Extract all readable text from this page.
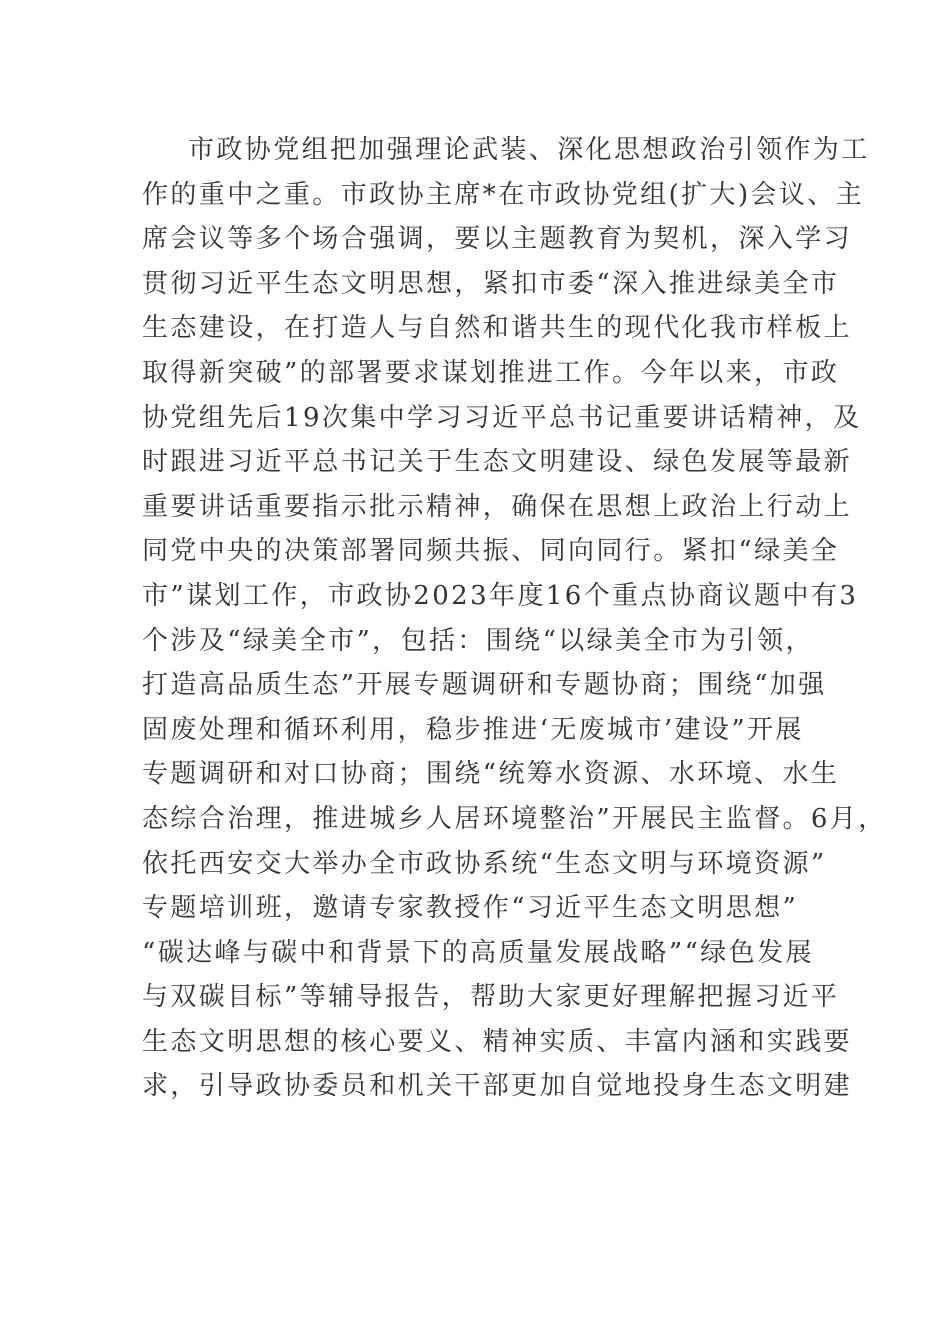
市政协党组把加强理论武装、深化思想政治引领作为工
作的重中之重。市政协主席*在市政协党组(扩大)会议、主
席会议等多个场合强调，要以主题教育为契机，深入学习
贯彻习近平生态文明思想，紧扣市委“深入推进绿美全市
生态建设，在打造人与自然和谐共生的现代化我市样板上
取得新突破”的部署要求谋划推进工作。今年以来，市政
协党组先后19次集中学习习近平总书记重要讲话精神，及
时跟进习近平总书记关于生态文明建设、绿色发展等最新
重要讲话重要指示批示精神，确保在思想上政治上行动上
同党中央的决策部署同频共振、同向同行。紧扣“绿美全
市”谋划工作，市政协2023年度16个重点协商议题中有3
个涉及“绿美全市”，包括：围绕“以绿美全市为引领，
打造高品质生态”开展专题调研和专题协商；围绕“加强
固废处理和循环利用，稳步推进‘无废城市’建设”开展
专题调研和对口协商；围绕“统筹水资源、水环境、水生
态综合治理，推进城乡人居环境整治”开展民主监督。6月，
依托西安交大举办全市政协系统“生态文明与环境资源”
专题培训班，邀请专家教授作“习近平生态文明思想”
“碳达峰与碳中和背景下的高质量发展战略”“绿色发展
与双碳目标”等辅导报告，帮助大家更好理解把握习近平
生态文明思想的核心要义、精神实质、丰富内涵和实践要
求，引导政协委员和机关干部更加自觉地投身生态文明建
